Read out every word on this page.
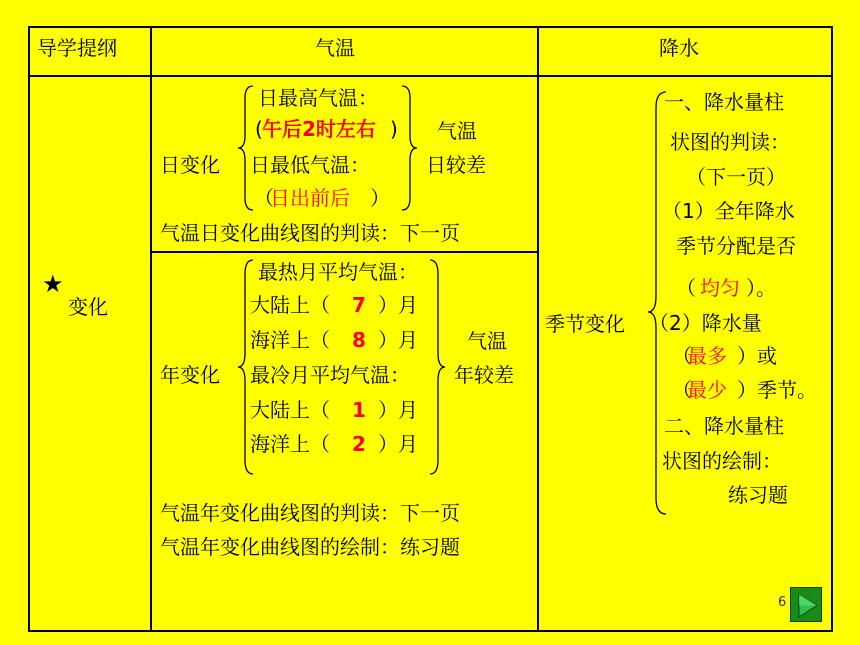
导学提纲	气温	降水
★
变化
日变化
日最高气温：
( 午后2时左右 )
日最低气温：
（
日出前后 ）
气温
日较差
气温日变化曲线图的判读：下一页
年变化
最热月平均气温：
大陆上（ 7 ）月
海洋上（ 8 ）月
最冷月平均气温：
大陆上（ 1 ）月
海洋上（ 2 ）月
气温
年较差
气温年变化曲线图的判读：下一页
气温年变化曲线图的绘制：练习题
季节变化
一、降水量柱
状图的判读：
（下一页）
（1）全年降水
季节分配是否
（ 均匀 ）。
（2）降水量
（
最多 ）或
（
最少 ）季节。
二、降水量柱
状图的绘制：
练习题
6
